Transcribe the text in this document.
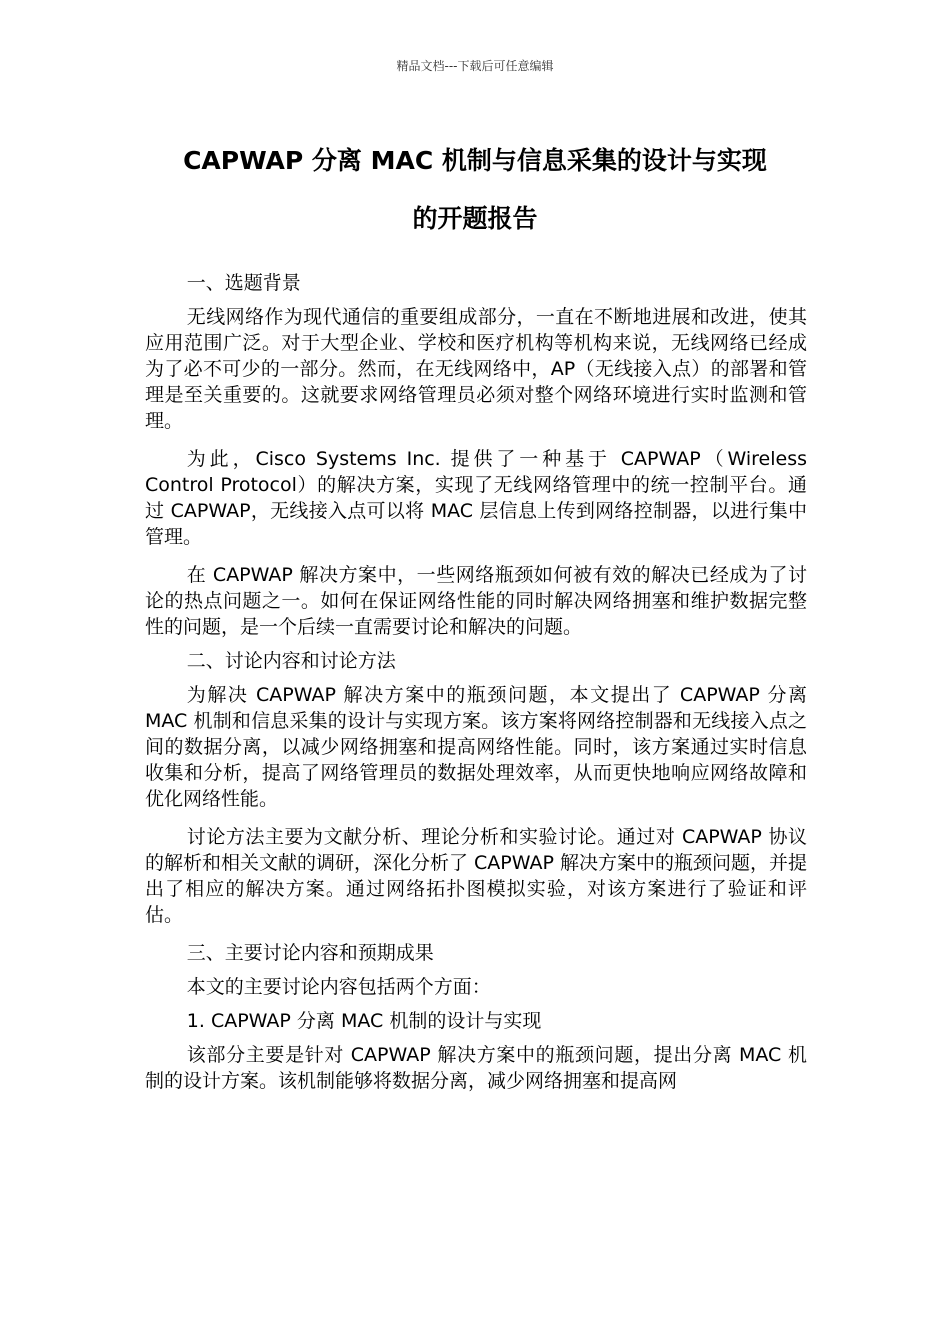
精品文档---下载后可任意编辑
CAPWAP 分离 MAC 机制与信息采集的设计与实现
的开题报告

一、选题背景

无线网络作为现代通信的重要组成部分，一直在不断地进展和改进，使其应用范围广泛。对于大型企业、学校和医疗机构等机构来说，无线网络已经成为了必不可少的一部分。然而，在无线网络中，AP（无线接入点）的部署和管理是至关重要的。这就要求网络管理员必须对整个网络环境进行实时监测和管理。

为此，Cisco Systems Inc. 提供了一种基于 CAPWAP（Wireless Control Protocol）的解决方案，实现了无线网络管理中的统一控制平台。通过 CAPWAP，无线接入点可以将 MAC 层信息上传到网络控制器，以进行集中管理。

在 CAPWAP 解决方案中，一些网络瓶颈如何被有效的解决已经成为了讨论的热点问题之一。如何在保证网络性能的同时解决网络拥塞和维护数据完整性的问题，是一个后续一直需要讨论和解决的问题。

二、讨论内容和讨论方法

为解决 CAPWAP 解决方案中的瓶颈问题，本文提出了 CAPWAP 分离 MAC 机制和信息采集的设计与实现方案。该方案将网络控制器和无线接入点之间的数据分离，以减少网络拥塞和提高网络性能。同时，该方案通过实时信息收集和分析，提高了网络管理员的数据处理效率，从而更快地响应网络故障和优化网络性能。

讨论方法主要为文献分析、理论分析和实验讨论。通过对 CAPWAP 协议的解析和相关文献的调研，深化分析了 CAPWAP 解决方案中的瓶颈问题，并提出了相应的解决方案。通过网络拓扑图模拟实验，对该方案进行了验证和评估。

三、主要讨论内容和预期成果

本文的主要讨论内容包括两个方面：

1. CAPWAP 分离 MAC 机制的设计与实现

该部分主要是针对 CAPWAP 解决方案中的瓶颈问题，提出分离 MAC 机制的设计方案。该机制能够将数据分离，减少网络拥塞和提高网
